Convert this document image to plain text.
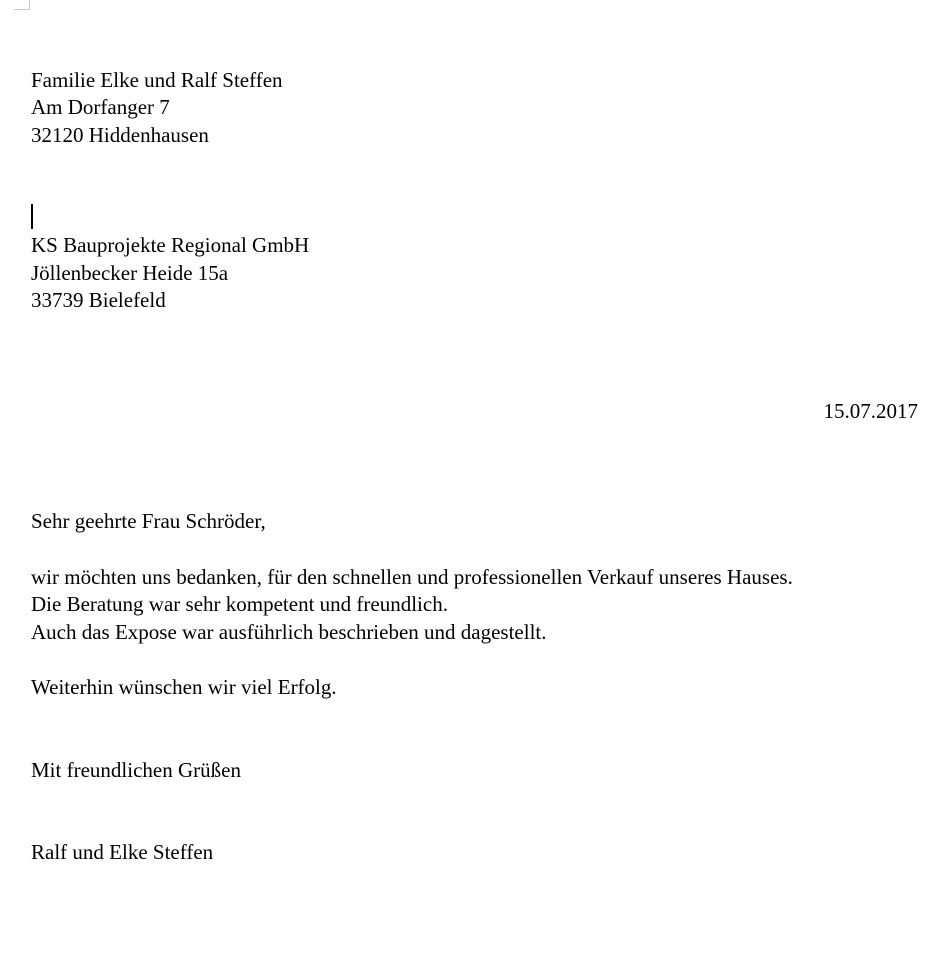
Familie Elke und Ralf Steffen
Am Dorfanger 7
32120 Hiddenhausen
KS Bauprojekte Regional GmbH
Jöllenbecker Heide 15a
33739 Bielefeld
15.07.2017
Sehr geehrte Frau Schröder,
wir möchten uns bedanken, für den schnellen und professionellen Verkauf unseres Hauses.
Die Beratung war sehr kompetent und freundlich.
Auch das Expose war ausführlich beschrieben und dagestellt.
Weiterhin wünschen wir viel Erfolg.
Mit freundlichen Grüßen
Ralf und Elke Steffen
